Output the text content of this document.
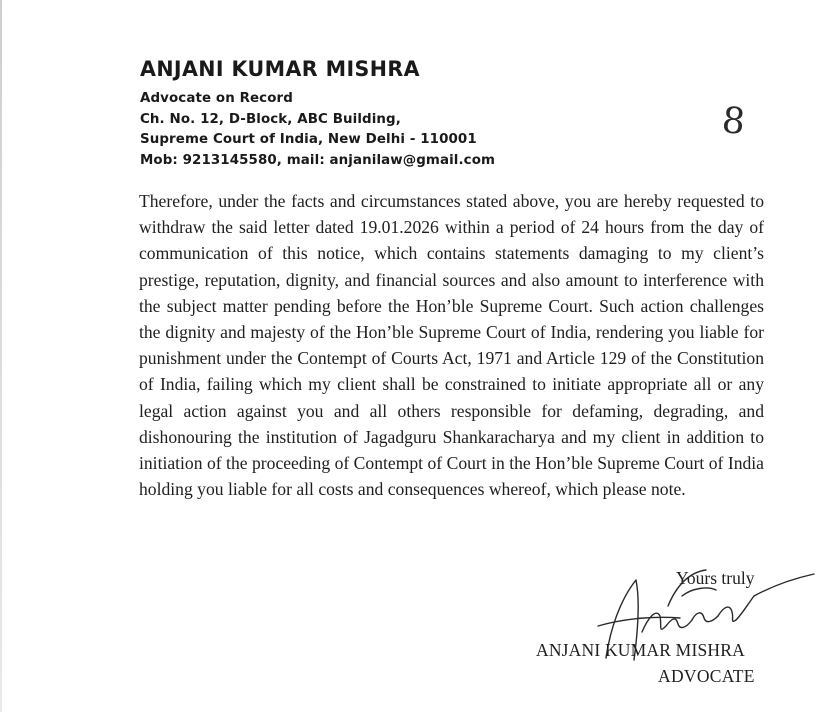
ANJANI KUMAR MISHRA
Advocate on Record
Ch. No. 12, D-Block, ABC Building,
Supreme Court of India, New Delhi - 110001
Mob: 9213145580, mail: anjanilaw@gmail.com
8
Therefore, under the facts and circumstances stated above, you are hereby requested to withdraw the said letter dated 19.01.2026 within a period of 24 hours from the day of communication of this notice, which contains statements damaging to my client’s prestige, reputation, dignity, and financial sources and also amount to interference with the subject matter pending before the Hon’ble Supreme Court. Such action challenges the dignity and majesty of the Hon’ble Supreme Court of India, rendering you liable for punishment under the Contempt of Courts Act, 1971 and Article 129 of the Constitution of India, failing which my client shall be constrained to initiate appropriate all or any legal action against you and all others responsible for defaming, degrading, and dishonouring the institution of Jagadguru Shankaracharya and my client in addition to initiation of the proceeding of Contempt of Court in the Hon’ble Supreme Court of India holding you liable for all costs and consequences whereof, which please note.
Yours truly
ANJANI KUMAR MISHRA
ADVOCATE
